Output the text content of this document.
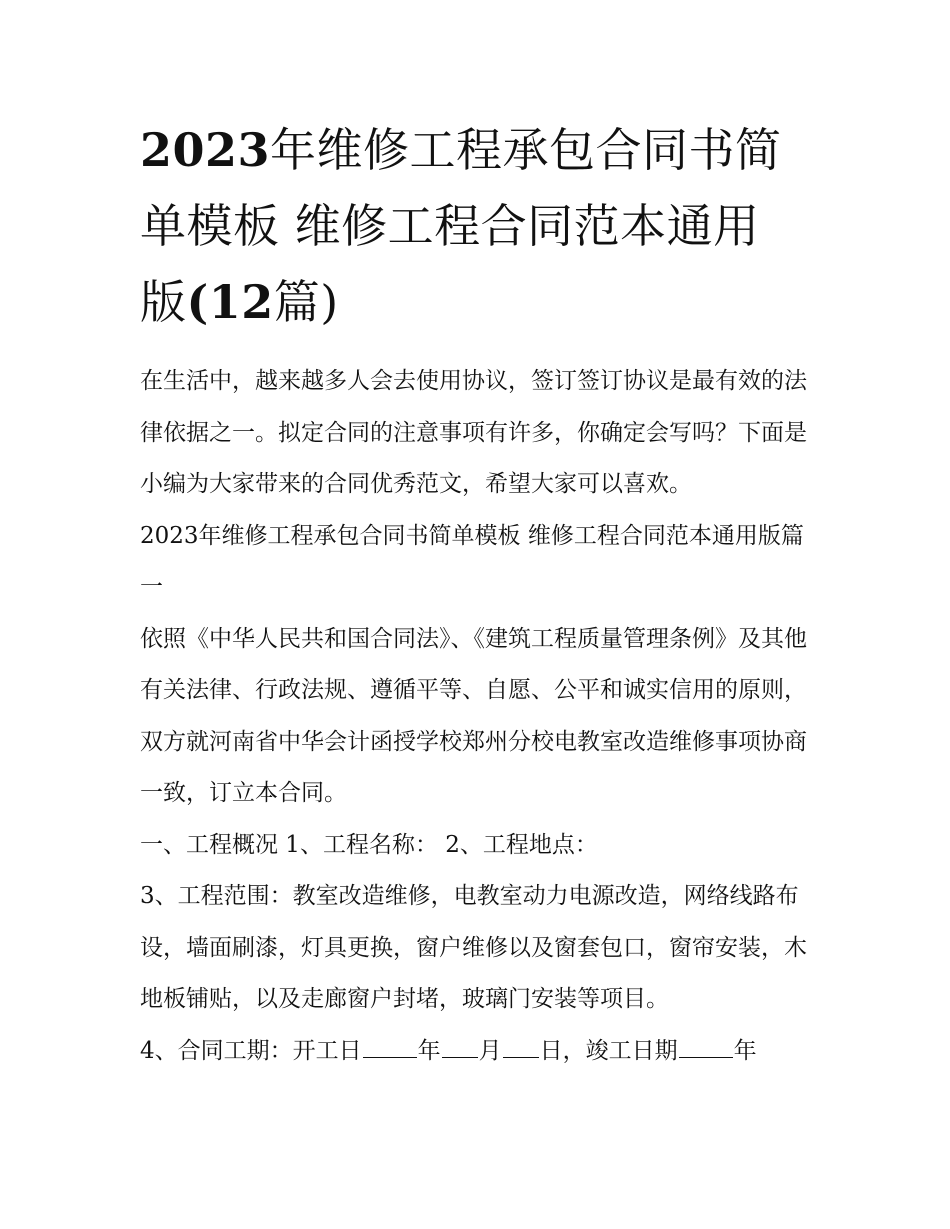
2023年维修工程承包合同书简
单模板 维修工程合同范本通用
版(12篇)

在生活中，越来越多人会去使用协议，签订签订协议是最有效的法律依据之一。拟定合同的注意事项有许多，你确定会写吗？下面是小编为大家带来的合同优秀范文，希望大家可以喜欢。

2023年维修工程承包合同书简单模板 维修工程合同范本通用版篇一

依照《中华人民共和国合同法》、《建筑工程质量管理条例》及其他有关法律、行政法规、遵循平等、自愿、公平和诚实信用的原则，双方就河南省中华会计函授学校郑州分校电教室改造维修事项协商一致，订立本合同。

一、工程概况 1、工程名称： 2、工程地点：

3、工程范围：教室改造维修，电教室动力电源改造，网络线路布设，墙面刷漆，灯具更换，窗户维修以及窗套包口，窗帘安装，木地板铺贴，以及走廊窗户封堵，玻璃门安装等项目。

4、合同工期：开工日 年 月 日，竣工日期 年
